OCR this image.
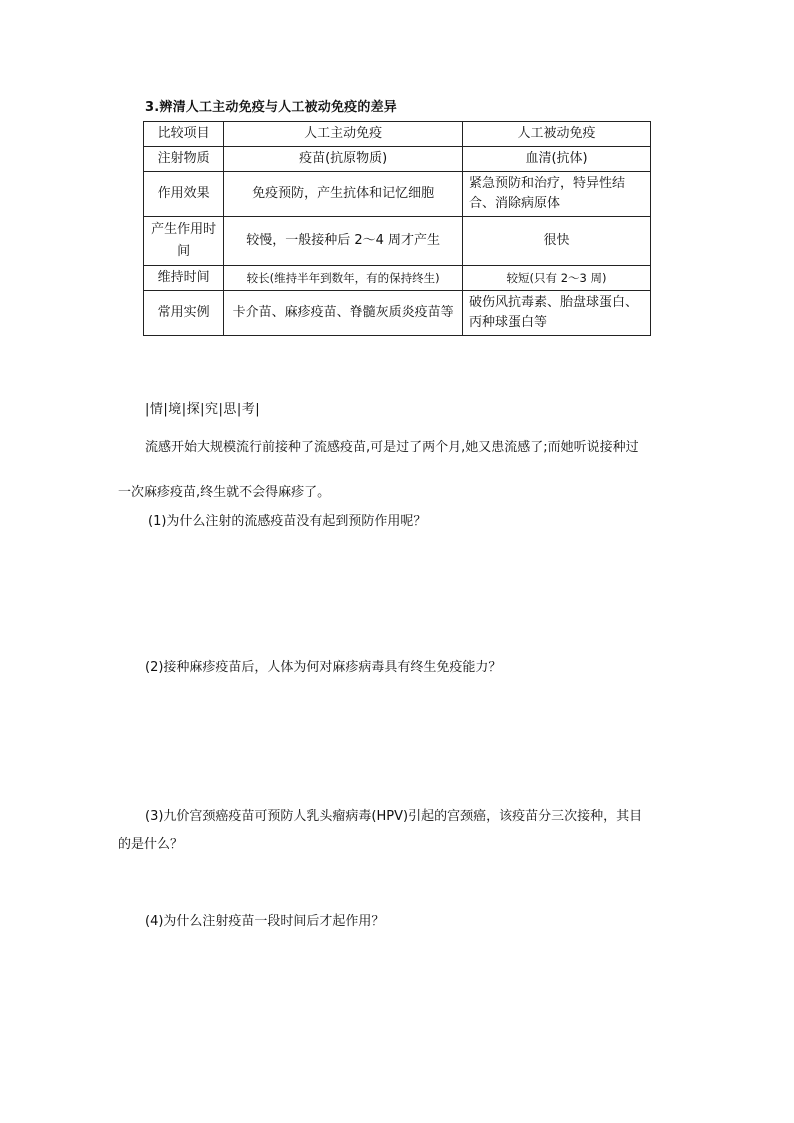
3.辨清人工主动免疫与人工被动免疫的差异
比较项目	人工主动免疫	人工被动免疫
注射物质	疫苗(抗原物质)	血清(抗体)
作用效果	免疫预防，产生抗体和记忆细胞	紧急预防和治疗，特异性结合、消除病原体
产生作用时间	较慢，一般接种后 2～4 周才产生	很快
维持时间	较长(维持半年到数年，有的保持终生)	较短(只有 2～3 周)
常用实例	卡介苗、麻疹疫苗、脊髓灰质炎疫苗等	破伤风抗毒素、胎盘球蛋白、丙种球蛋白等
|情|境|探|究|思|考|
流感开始大规模流行前接种了流感疫苗,可是过了两个月,她又患流感了;而她听说接种过
一次麻疹疫苗,终生就不会得麻疹了。
(1)为什么注射的流感疫苗没有起到预防作用呢？
(2)接种麻疹疫苗后，人体为何对麻疹病毒具有终生免疫能力？
(3)九价宫颈癌疫苗可预防人乳头瘤病毒(HPV)引起的宫颈癌，该疫苗分三次接种，其目
的是什么？
(4)为什么注射疫苗一段时间后才起作用？
